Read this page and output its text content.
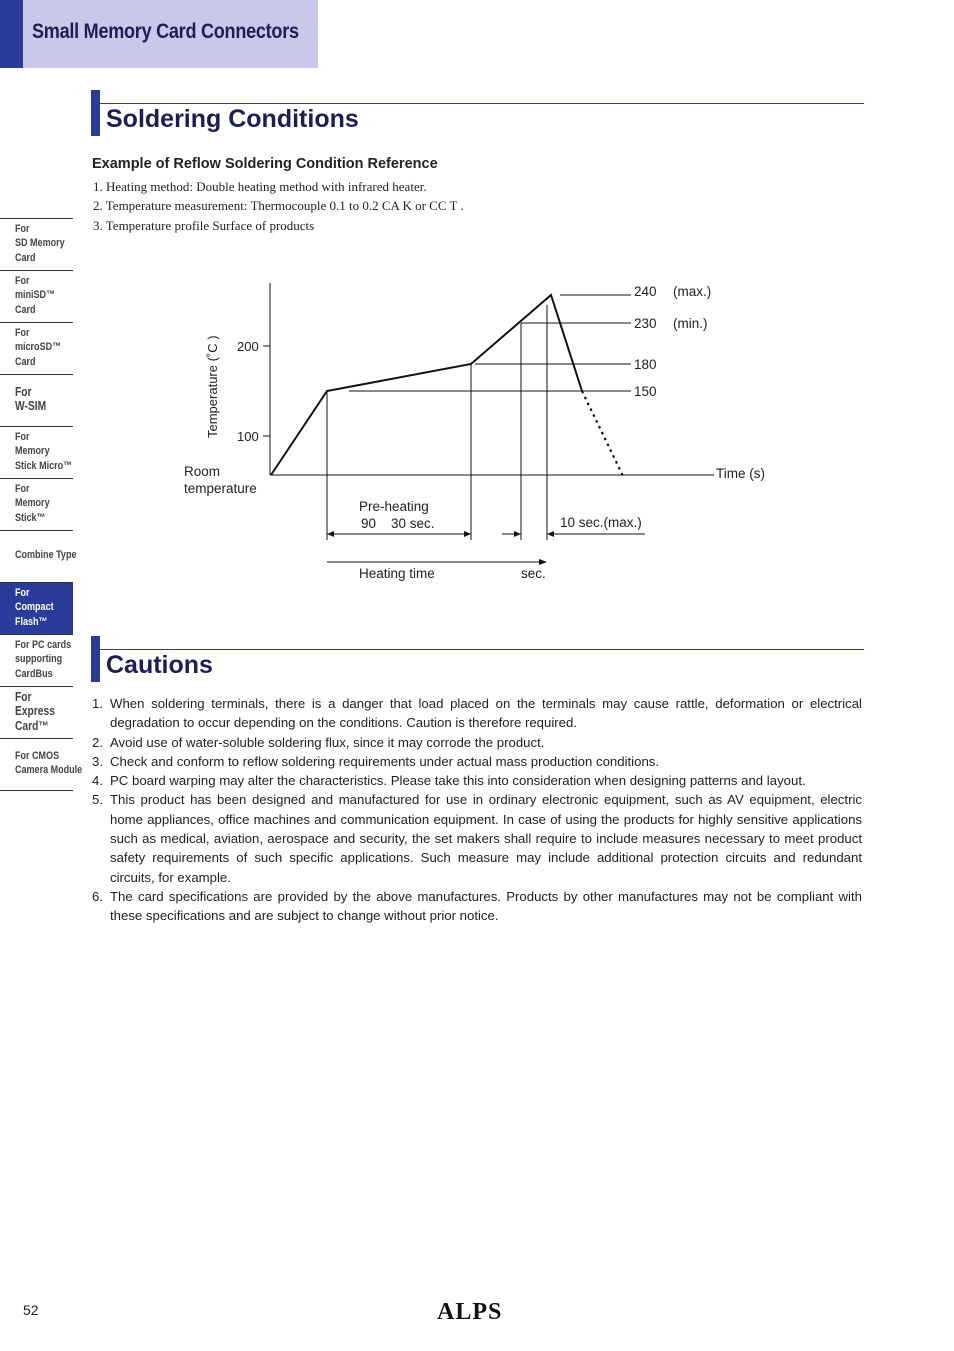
Small Memory Card Connectors
For
SD Memory
Card
For
miniSD™
Card
For
microSD™
Card
For
W-SIM
For
Memory
Stick Micro™
For
Memory
Stick™
Combine Type
For
Compact
Flash™
For PC cards
supporting
CardBus
For
Express
Card™
For CMOS
Camera Module
Soldering Conditions
Example of Reflow Soldering Condition Reference
1. Heating method: Double heating method with infrared heater.
2. Temperature measurement: Thermocouple 0.1 to 0.2 CA K or CC T .
3. Temperature profile Surface of products
Temperature (˚C ) 200
100
Room
temperature
Time (s)
240 (max.)
230 (min.)
180
150
Pre-heating
90    30 sec.	10 sec.(max.)
Heating time	sec.
Cautions
1. When soldering terminals, there is a danger that load placed on the terminals may cause rattle, deformation or electrical degradation to occur depending on the conditions. Caution is therefore required.
2. Avoid use of water-soluble soldering flux, since it may corrode the product.
3. Check and conform to reflow soldering requirements under actual mass production conditions.
4. PC board warping may alter the characteristics. Please take this into consideration when designing patterns and layout.
5. This product has been designed and manufactured for use in ordinary electronic equipment, such as AV equipment, electric home appliances, office machines and communication equipment. In case of using the products for highly sensitive applications such as medical, aviation, aerospace and security, the set makers shall require to include measures necessary to meet product safety requirements of such specific applications. Such measure may include additional protection circuits and redundant circuits, for example.
6. The card specifications are provided by the above manufactures. Products by other manufactures may not be compliant with these specifications and are subject to change without prior notice.
52	ALPS
